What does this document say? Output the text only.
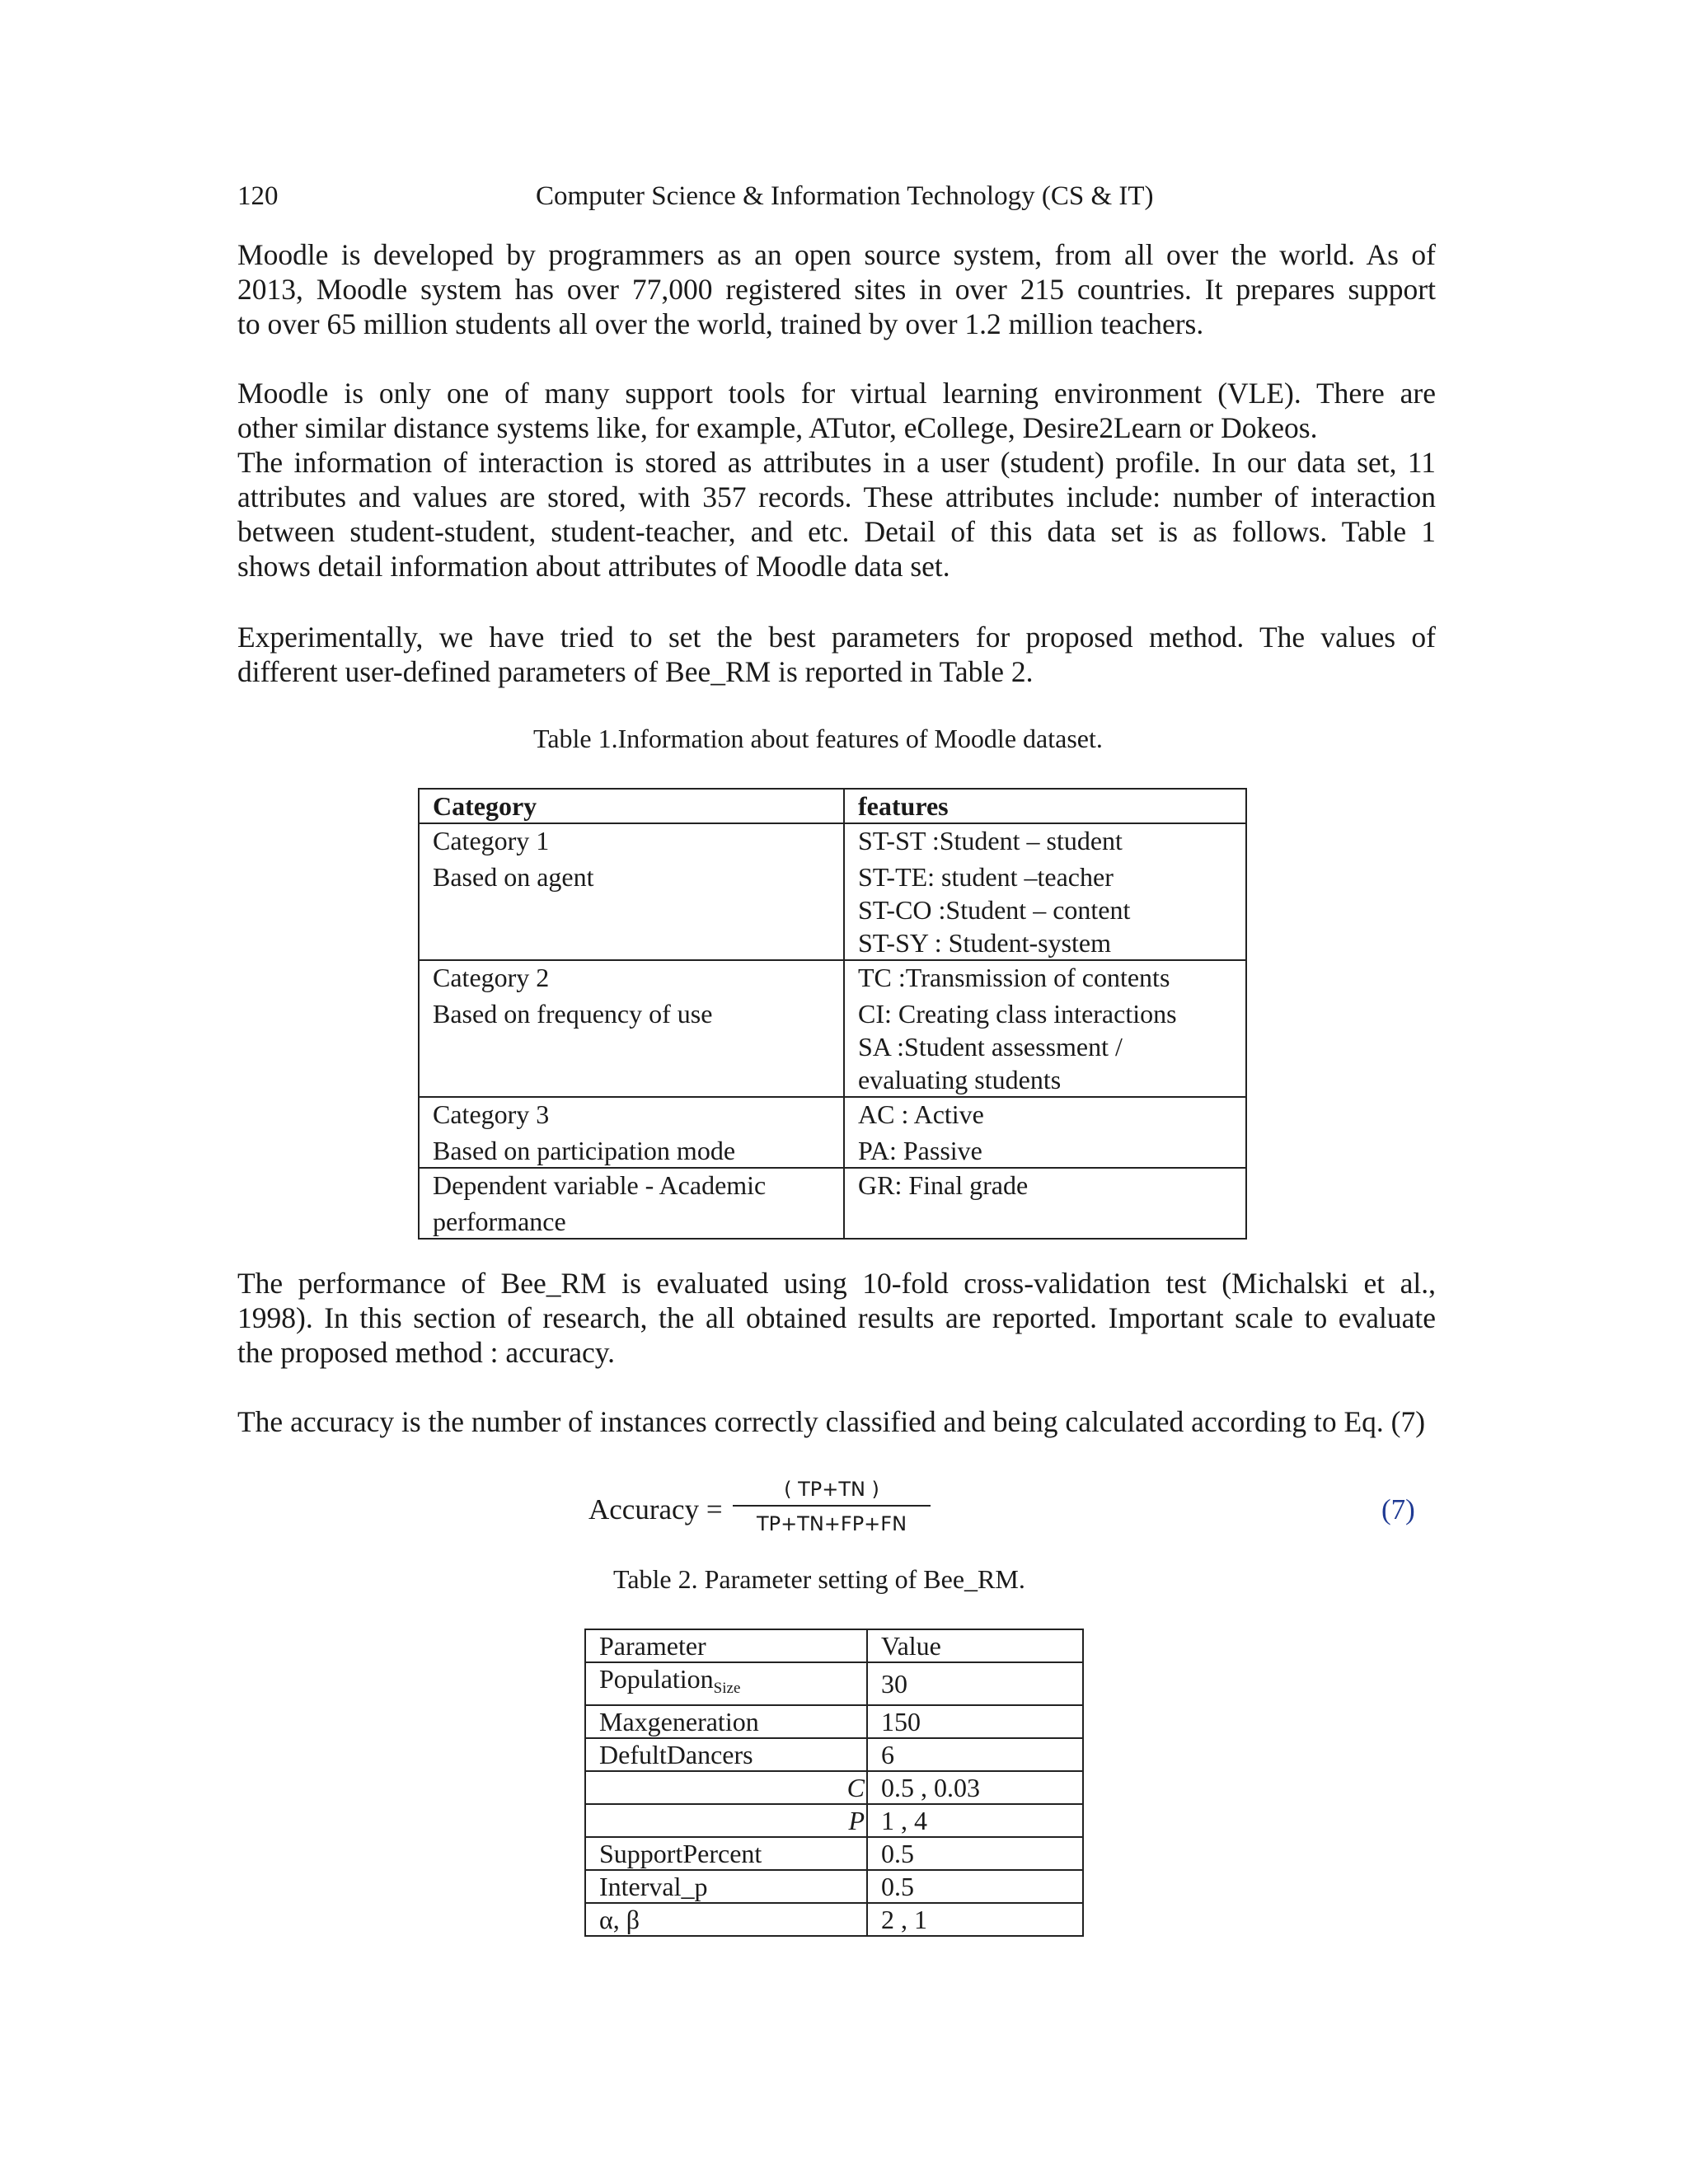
120	Computer Science & Information Technology (CS & IT)

Moodle is developed by programmers as an open source system, from all over the world. As of
2013, Moodle system has over 77,000 registered sites in over 215 countries. It prepares support
to over 65 million students all over the world, trained by over 1.2 million teachers.

Moodle is only one of many support tools for virtual learning environment (VLE). There are
other similar distance systems like, for example, ATutor, eCollege, Desire2Learn or Dokeos.
The information of interaction is stored as attributes in a user (student) profile. In our data set, 11
attributes and values are stored, with 357 records. These attributes include: number of interaction
between student-student, student-teacher, and etc. Detail of this data set is as follows. Table 1
shows detail information about attributes of Moodle data set.

Experimentally, we have tried to set the best parameters for proposed method. The values of
different user-defined parameters of Bee_RM is reported in Table 2.

Table 1.Information about features of Moodle dataset.
Category	features

Category 1
Based on agent	ST-ST :Student – student
ST-TE: student –teacher
ST-CO :Student – content
ST-SY : Student-system

Category 2
Based on frequency of use	TC :Transmission of contents
CI: Creating class interactions
SA :Student assessment /
evaluating students

Category 3
Based on participation mode	AC : Active
PA: Passive

Dependent variable - Academic
performance	GR: Final grade

The performance of Bee_RM is evaluated using 10-fold cross-validation test (Michalski et al.,
1998). In this section of research, the all obtained results are reported. Important scale to evaluate
the proposed method : accuracy.

The accuracy is the number of instances correctly classified and being calculated according to Eq. (7)

Accuracy =
( TP+TN )
TP+TN+FP+FN	(7)
Table 2. Parameter setting of Bee_RM.
Parameter	Value
Population$_{Size}$	30
Maxgeneration	150
DefultDancers	6
C	0.5 , 0.03
P	1 , 4
SupportPercent	0.5
Interval_p	0.5
α, β	2 , 1
